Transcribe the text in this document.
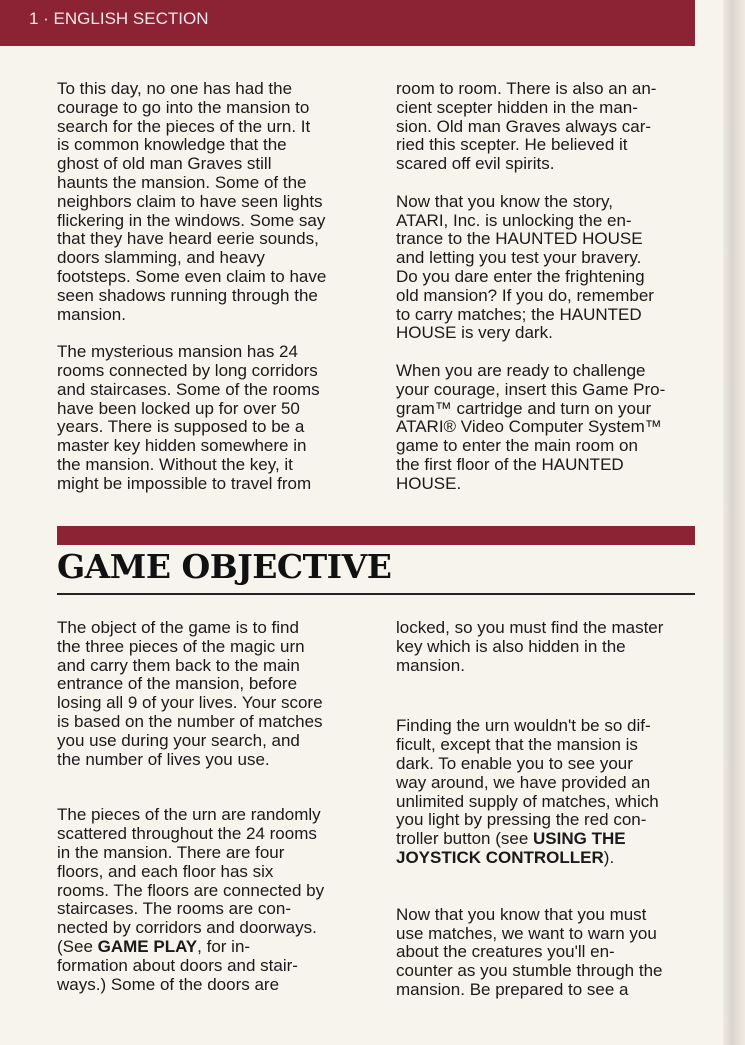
1 · ENGLISH SECTION

To this day, no one has had the
courage to go into the mansion to
search for the pieces of the urn. It
is common knowledge that the
ghost of old man Graves still
haunts the mansion. Some of the
neighbors claim to have seen lights
flickering in the windows. Some say
that they have heard eerie sounds,
doors slamming, and heavy
footsteps. Some even claim to have
seen shadows running through the
mansion.

The mysterious mansion has 24
rooms connected by long corridors
and staircases. Some of the rooms
have been locked up for over 50
years. There is supposed to be a
master key hidden somewhere in
the mansion. Without the key, it
might be impossible to travel from

room to room. There is also an an-
cient scepter hidden in the man-
sion. Old man Graves always car-
ried this scepter. He believed it
scared off evil spirits.

Now that you know the story,
ATARI, Inc. is unlocking the en-
trance to the HAUNTED HOUSE
and letting you test your bravery.
Do you dare enter the frightening
old mansion? If you do, remember
to carry matches; the HAUNTED
HOUSE is very dark.

When you are ready to challenge
your courage, insert this Game Pro-
gram™ cartridge and turn on your
ATARI® Video Computer System™
game to enter the main room on
the first floor of the HAUNTED
HOUSE.

GAME OBJECTIVE

The object of the game is to find
the three pieces of the magic urn
and carry them back to the main
entrance of the mansion, before
losing all 9 of your lives. Your score
is based on the number of matches
you use during your search, and
the number of lives you use.

The pieces of the urn are randomly
scattered throughout the 24 rooms
in the mansion. There are four
floors, and each floor has six
rooms. The floors are connected by
staircases. The rooms are con-
nected by corridors and doorways.
(See GAME PLAY, for in-
formation about doors and stair-
ways.) Some of the doors are

locked, so you must find the master
key which is also hidden in the
mansion.

Finding the urn wouldn't be so dif-
ficult, except that the mansion is
dark. To enable you to see your
way around, we have provided an
unlimited supply of matches, which
you light by pressing the red con-
troller button (see USING THE
JOYSTICK CONTROLLER).

Now that you know that you must
use matches, we want to warn you
about the creatures you'll en-
counter as you stumble through the
mansion. Be prepared to see a
